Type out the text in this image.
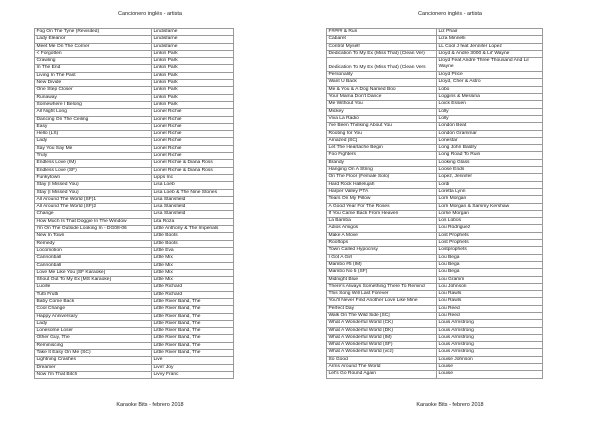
Cancionero inglés - artista
Fog On The Tyne (Revisited)	Lindisfarne
Lady Eleanor	Lindisfarne
Meet Me On The Corner	Lindisfarne
< Forgotten	Linkin Park
Crawling	Linkin Park
In The End	Linkin Park
Living In The Past	Linkin Park
New Divide	Linkin Park
One Step Closer	Linkin Park
Runaway	Linkin Park
Somewhere I Belong	Linkin Park
All Night Long	Lionel Richie
Dancing On The Ceiling	Lionel Richie
Easy	Lionel Richie
Hello (LS)	Lionel Richie
Lady	Lionel Richie
Say You Say Me	Lionel Richie
Truly	Lionel Richie
Endless Love (IM)	Lionel Richie & Diana Ross
Endless Love (SF)	Lionel Richie & Diana Ross
Funkytown	Lipps Inc
Stay (I Missed You)	Lisa Loeb
Stay (I Missed You)	Lisa Loeb & The Nine Stories
All Around The World (SF)1	Lisa Stansfield
All Around The World (SF)2	Lisa Stansfield
Change	Lisa Stansfield
How Much Is That Doggie In The Window	Lita Roza
I'm On The Outside Looking In - DG08-06	Little Anthony & The Imperials
New In Town	Little Boots
Remedy	Little Boots
Locomotion	Little Eva
Cannonball	Little Mix
Cannonball	Little Mix
Love Me Like You [SF Karaoke]	Little Mix
Shout Out To My Ex [MS Karaoke]	Little Mix
Lucille	Little Richard
Tutti Frutti	Little Richard
Baby Come Back	Little River Band, The
Cool Change	Little River Band, The
Happy Anniversary	Little River Band, The
Lady	Little River Band, The
Lonesome Loser	Little River Band, The
Other Guy, The	Little River Band, The
Reminiscing	Little River Band, The
Take It Easy On Me (SC)	Little River Band, The
Lightning Crashes	Live
Dreamer	Livin' Joy
Now I'm That Bitch	Livvy Franc
Karaoke Bits - febrero 2018
Cancionero inglés - artista
F#### & Run	Liz Phair
Cabaret	Liza Minnelli
Control Myself	LL Cool J feat Jennifer Lopez
Dedication To My Ex (Miss That) (Clean Ver)	Lloyd & Andre 3000 & Lil' Wayne
Dedication To My Ex (Miss That) (Clean Vers	Lloyd Feat Andre Three Thousand And Lil Wayne
Personality	Lloyd Price
Want U Back	Lloyd, Cher & Astro
Me & You & A Dog Named Boo	Lobo
Your Mama Don't Dance	Loggins & Messina
Me Without You	Loick Essien
Mickey	Lolly
Viva La Radio	Lolly
I've Been Thinking About You	London Beat
Rooting for You	London Grammar
Amazed [SC]	Lonestar
Let The Heartache Begin	Long John Baldry
Foo Fighters	Long Road To Ruin
Brandy	Looking Glass
Hanging On A String	Loose Ends
On The Floor (Female Solo)	Lopez, Jennifer
Hard Rock Hallelujah	Lordi
Harper Valley PTA	Loretta Lynn
Tears On My Pillow	Lorri Morgan
A Good Year For The Roses	Lorri Morgan & Sammy Kershaw
If You Came Back From Heaven	Lorrie Morgan
La Bamba	Los Lobos
Adios Amigos	Lou Rodriguez
Make A Move	Lost Prophets
Rooftops	Lost Prophets
Town Called Hypocrisy	Lostprophets
I Got A Girl	Lou Bega
Mambo #5 (IM)	Lou Bega
Mambo No 5 (SF)	Lou Bega
Midnight Blue	Lou Gramm
There's Always Something There To Remind	Lou Johnson
This Song Will Last Forever	Lou Rawls
You'll Never Find Another Love Like Mine	Lou Rawls
Perfect Day	Lou Reed
Walk On The Wild Side [SC]	Lou Reed
What A Wonderful World (CK)	Louis Armstrong
What A Wonderful World (DK)	Louis Armstrong
What A Wonderful World (IM)	Louis Armstrong
What A Wonderful World (SF)	Louis Armstrong
What A Wonderful World (vcz)	Louis Armstrong
So Good	Louise Johnson
Arms Around The World	Louise
Let's Go Round Again	Louise
Karaoke Bits - febrero 2018
